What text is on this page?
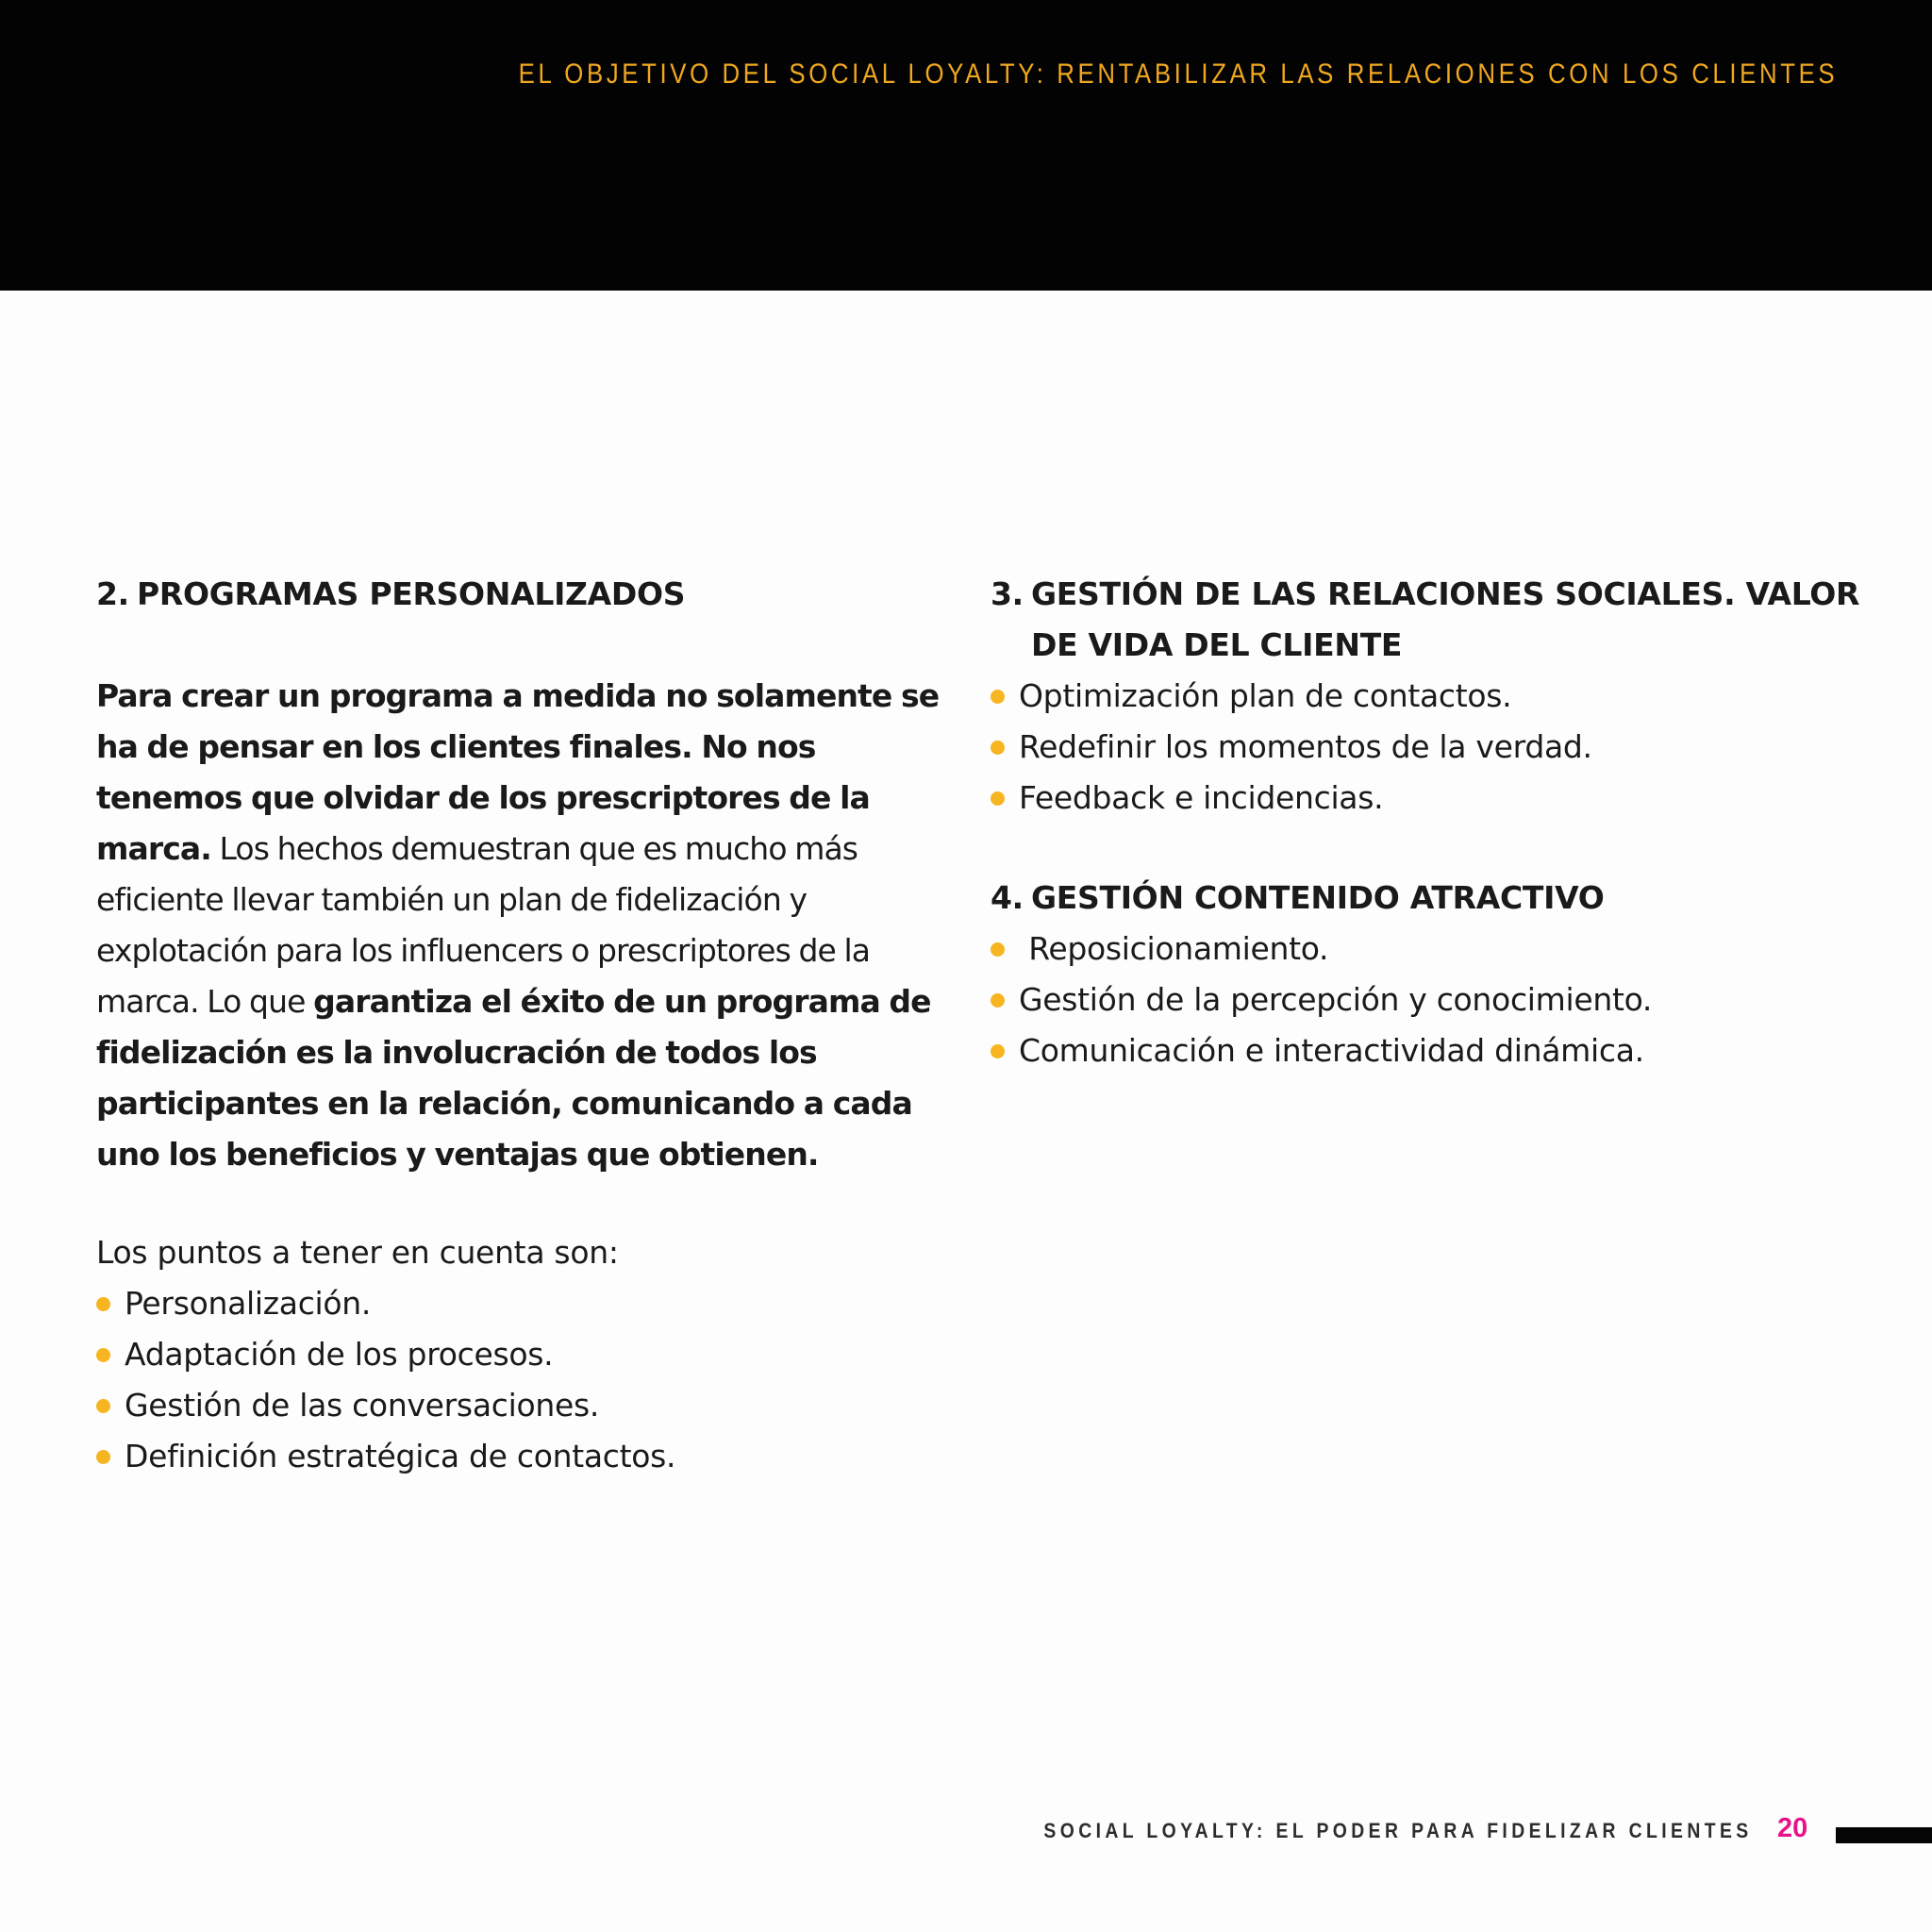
EL OBJETIVO DEL SOCIAL LOYALTY: RENTABILIZAR LAS RELACIONES CON LOS CLIENTES
2. PROGRAMAS PERSONALIZADOS

Para crear un programa a medida no solamente se ha de pensar en los clientes finales. No nos tenemos que olvidar de los prescriptores de la marca. Los hechos demuestran que es mucho más eficiente llevar también un plan de fidelización y explotación para los influencers o prescriptores de la marca. Lo que garantiza el éxito de un programa de fidelización es la involucración de todos los participantes en la relación, comunicando a cada uno los beneficios y ventajas que obtienen.

Los puntos a tener en cuenta son:
Personalización.
Adaptación de los procesos.
Gestión de las conversaciones.
Definición estratégica de contactos.
3. GESTIÓN DE LAS RELACIONES SOCIALES. VALOR DE VIDA DEL CLIENTE
Optimización plan de contactos.
Redefinir los momentos de la verdad.
Feedback e incidencias.
4. GESTIÓN CONTENIDO ATRACTIVO
Reposicionamiento.
Gestión de la percepción y conocimiento.
Comunicación e interactividad dinámica.
SOCIAL LOYALTY: EL PODER PARA FIDELIZAR CLIENTES 20
